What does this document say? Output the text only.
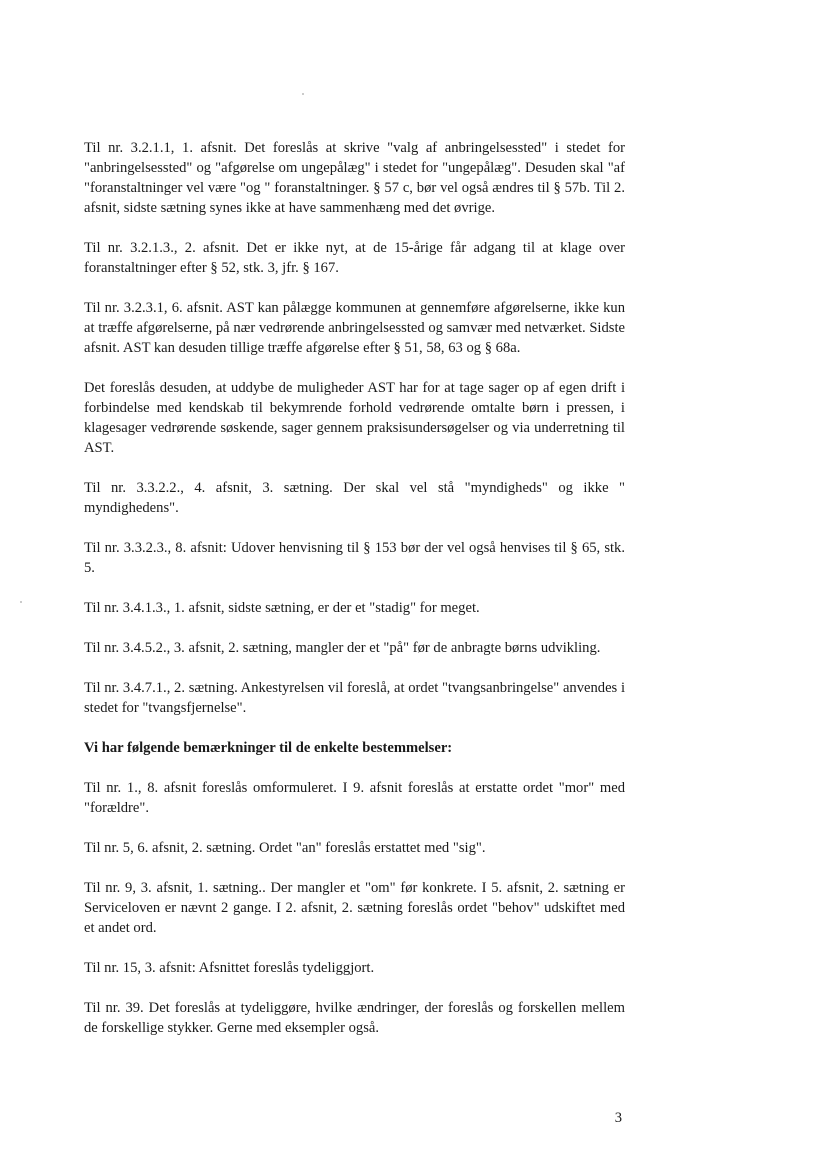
Til nr. 3.2.1.1, 1. afsnit. Det foreslås at skrive "valg af anbringelsessted" i stedet for "anbringelsessted" og "afgørelse om ungepålæg" i stedet for "ungepålæg". Desuden skal "af "foranstaltninger vel være "og " foranstaltninger. § 57 c, bør vel også ændres til § 57b. Til 2. afsnit, sidste sætning synes ikke at have sammenhæng med det øvrige.

Til nr. 3.2.1.3., 2. afsnit. Det er ikke nyt, at de 15-årige får adgang til at klage over foranstaltninger efter § 52, stk. 3, jfr. § 167.

Til nr. 3.2.3.1, 6. afsnit. AST kan pålægge kommunen at gennemføre afgørelserne, ikke kun at træffe afgørelserne, på nær vedrørende anbringelsessted og samvær med netværket. Sidste afsnit. AST kan desuden tillige træffe afgørelse efter § 51, 58, 63 og § 68a.

Det foreslås desuden, at uddybe de muligheder AST har for at tage sager op af egen drift i forbindelse med kendskab til bekymrende forhold vedrørende omtalte børn i pressen, i klagesager vedrørende søskende, sager gennem praksisundersøgelser og via underretning til AST.

Til nr. 3.3.2.2., 4. afsnit, 3. sætning. Der skal vel stå "myndigheds" og ikke " myndighedens".

Til nr. 3.3.2.3., 8. afsnit: Udover henvisning til § 153 bør der vel også henvises til § 65, stk. 5.

Til nr. 3.4.1.3., 1. afsnit, sidste sætning, er der et "stadig" for meget.

Til nr. 3.4.5.2., 3. afsnit, 2. sætning, mangler der et "på" før de anbragte børns udvikling.

Til nr. 3.4.7.1., 2. sætning. Ankestyrelsen vil foreslå, at ordet "tvangsanbringelse" anvendes i stedet for "tvangsfjernelse".

Vi har følgende bemærkninger til de enkelte bestemmelser:

Til nr. 1., 8. afsnit foreslås omformuleret. I 9. afsnit foreslås at erstatte ordet "mor" med "forældre".

Til nr. 5, 6. afsnit, 2. sætning. Ordet "an" foreslås erstattet med "sig".

Til nr. 9, 3. afsnit, 1. sætning.. Der mangler et "om" før konkrete. I 5. afsnit, 2. sætning er Serviceloven er nævnt 2 gange. I 2. afsnit, 2. sætning foreslås ordet "behov" udskiftet med et andet ord.

Til nr. 15, 3. afsnit: Afsnittet foreslås tydeliggjort.

Til nr. 39. Det foreslås at tydeliggøre, hvilke ændringer, der foreslås og forskellen mellem de forskellige stykker. Gerne med eksempler også.

3
